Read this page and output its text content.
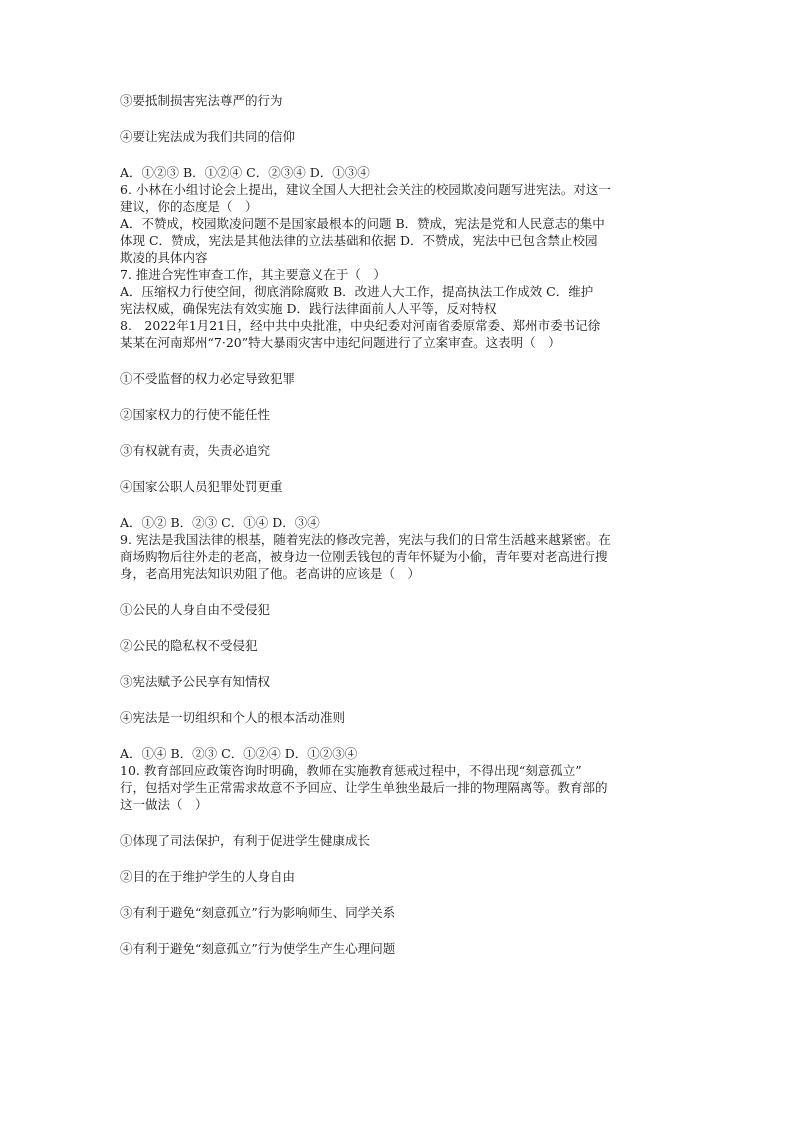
③要抵制损害宪法尊严的行为
④要让宪法成为我们共同的信仰
A．①②③ B．①②④ C．②③④ D．①③④
6. 小林在小组讨论会上提出，建议全国人大把社会关注的校园欺凌问题写进宪法。对这一
建议，你的态度是（　）
A．不赞成，校园欺凌问题不是国家最根本的问题 B．赞成，宪法是党和人民意志的集中
体现 C．赞成，宪法是其他法律的立法基础和依据 D．不赞成，宪法中已包含禁止校园
欺凌的具体内容
7. 推进合宪性审查工作，其主要意义在于（　）
A．压缩权力行使空间，彻底消除腐败 B．改进人大工作，提高执法工作成效 C．维护
宪法权威，确保宪法有效实施 D．践行法律面前人人平等，反对特权
8.　2022年1月21日，经中共中央批准，中央纪委对河南省委原常委、郑州市委书记徐
某某在河南郑州“7·20”特大暴雨灾害中违纪问题进行了立案审查。这表明（　）
①不受监督的权力必定导致犯罪
②国家权力的行使不能任性
③有权就有责，失责必追究
④国家公职人员犯罪处罚更重
A．①② B．②③ C．①④ D．③④
9. 宪法是我国法律的根基，随着宪法的修改完善，宪法与我们的日常生活越来越紧密。在
商场购物后往外走的老高，被身边一位刚丢钱包的青年怀疑为小偷，青年要对老高进行搜
身，老高用宪法知识劝阻了他。老高讲的应该是（　）
①公民的人身自由不受侵犯
②公民的隐私权不受侵犯
③宪法赋予公民享有知情权
④宪法是一切组织和个人的根本活动准则
A．①④ B．②③ C．①②④ D．①②③④
10. 教育部回应政策咨询时明确，教师在实施教育惩戒过程中，不得出现“刻意孤立”
行，包括对学生正常需求故意不予回应、让学生单独坐最后一排的物理隔离等。教育部的
这一做法（　）
①体现了司法保护，有利于促进学生健康成长
②目的在于维护学生的人身自由
③有利于避免“刻意孤立”行为影响师生、同学关系
④有利于避免“刻意孤立”行为使学生产生心理问题
